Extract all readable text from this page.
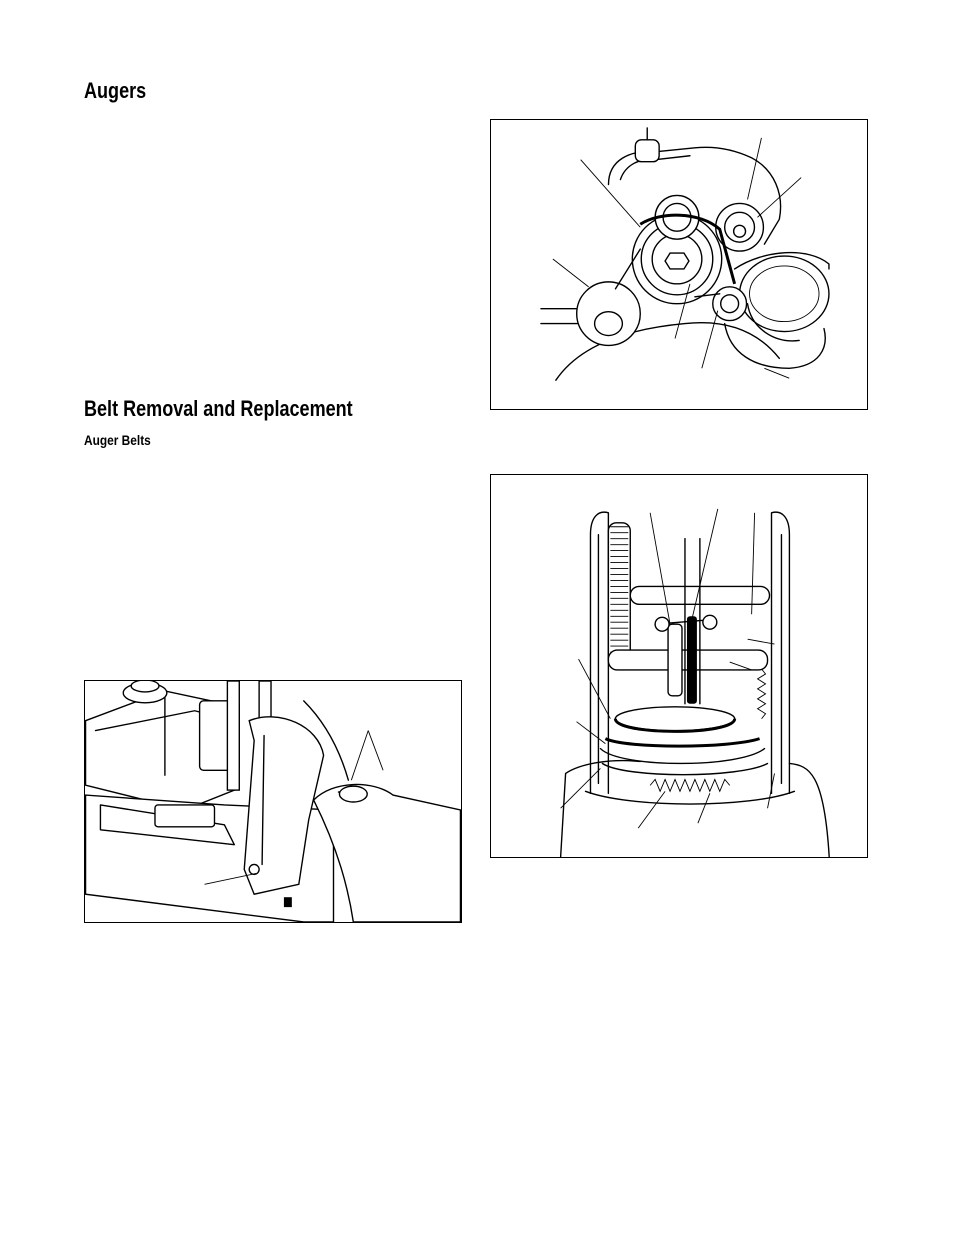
Augers
Belt Removal and Replacement
Auger Belts
